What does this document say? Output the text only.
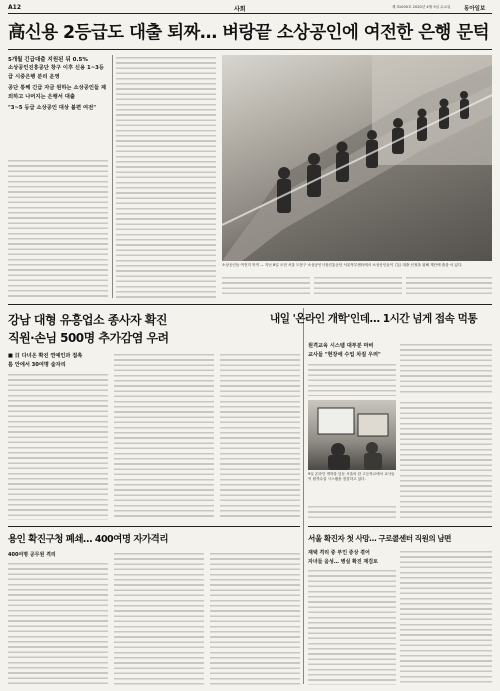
A12	사회	제 31000호 2020년 4월 9일 수요일 동아일보
高신용 2등급도 대출 퇴짜… 벼랑끝 소상공인에 여전한 은행 문턱
5개월 긴급대출 지원된 뒤 0.5%
소상공인진흥공단 창구 이후 신용 1~3등급 시중은행 분리 운영
공단 통해 긴급 자금 원하는 소상공인들 제외하고 나머지는 은행서 대출
"3~5 등급 소상공인 대상 불편 여전"
소상공인들 여전히 북적 — 지난 8일 오전 서울 도봉구 소상공인시장진흥공단 서울북부센터에서 소상공인들이 긴급 대출 신청을 위해 계단에 줄을 서 있다.
강남 대형 유흥업소 종사자 확진
직원·손님 500명 추가감염 우려
■ 日 다녀온 확진 연예인과 접촉
룸 안에서 30여명 술자리
내일 '온라인 개학'인데… 1시간 넘게 접속 먹통
원격교육 시스템 대부분 마비
교사들 "현장에 수업 차질 우려"
9일 온라인 개학을 앞둔 서울의 한 고등학교에서 교사들이 원격수업 시스템을 점검하고 있다.
용인 확진구청 폐쇄… 400여명 자가격리
400여명 공무원 격리
서울 확진자 첫 사망… 구로콜센터 직원의 남편
재택 격리 중 부인 증상 겪어
자녀들 음성… 병실 확진 재검토
